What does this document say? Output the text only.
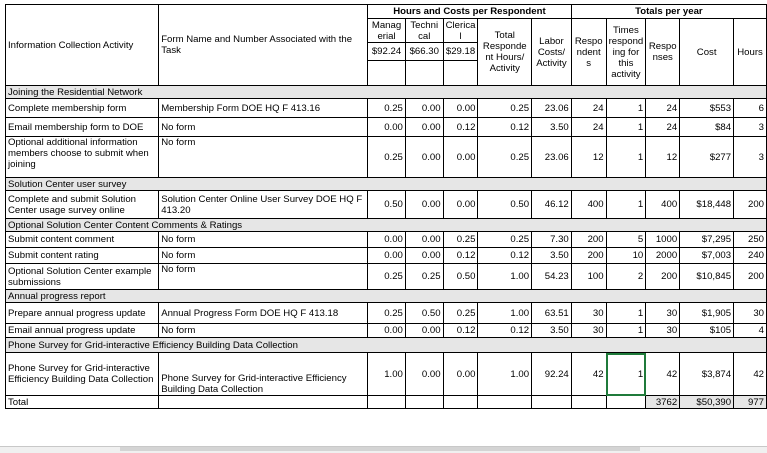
Information Collection Activity	Form Name and Number Associated with the Task	Hours and Costs per Respondent					Totals per year				
		Manag erial	Techni cal	Clerica l	Total Responde nt Hours/ Activity	Labor Costs/ Activity	Respo ndent s	Times respond ing for this activity	Respo nses	Cost	Hours
		$92.24	$66.30	$29.18							

Joining the Residential Network											
Complete membership form	Membership Form DOE HQ F 413.16	0.25	0.00	0.00	0.25	23.06	24	1	24	$553	6
Email membership form to DOE	No form	0.00	0.00	0.12	0.12	3.50	24	1	24	$84	3
Optional additional information members choose to submit when joining	No form	0.25	0.00	0.00	0.25	23.06	12	1	12	$277	3
Solution Center user survey											
Complete and submit Solution Center usage survey online	Solution Center Online User Survey DOE HQ F 413.20	0.50	0.00	0.00	0.50	46.12	400	1	400	$18,448	200
Optional Solution Center Content Comments & Ratings											
Submit content comment	No form	0.00	0.00	0.25	0.25	7.30	200	5	1000	$7,295	250
Submit content rating	No form	0.00	0.00	0.12	0.12	3.50	200	10	2000	$7,003	240
Optional Solution Center example submissions	No form	0.25	0.25	0.50	1.00	54.23	100	2	200	$10,845	200
Annual progress report											
Prepare annual progress update	Annual Progress Form DOE HQ F 413.18	0.25	0.50	0.25	1.00	63.51	30	1	30	$1,905	30
Email annual progress update	No form	0.00	0.00	0.12	0.12	3.50	30	1	30	$105	4
Phone Survey for Grid-interactive Efficiency Building Data Collection											
Phone Survey for Grid-interactive Efficiency Building Data Collection	Phone Survey for Grid-interactive Efficiency Building Data Collection	1.00	0.00	0.00	1.00	92.24	42	1	42	$3,874	42
Total									3762	$50,390	977
